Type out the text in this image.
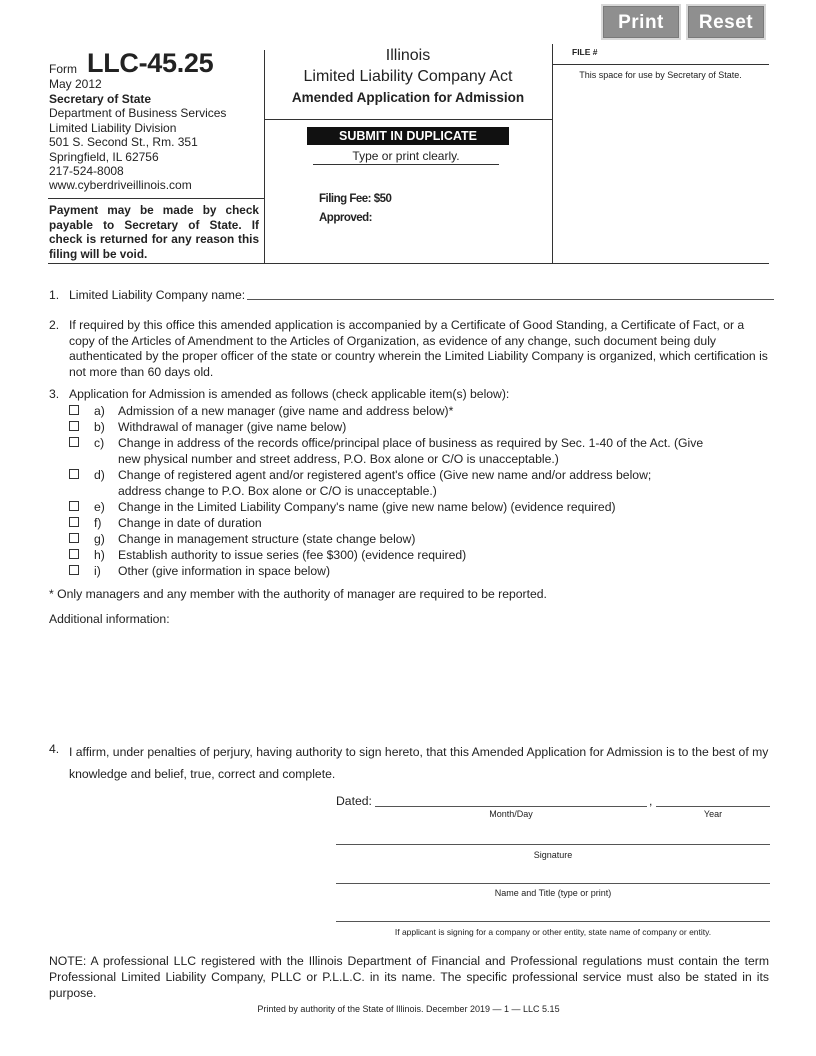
Print	Reset
Form LLC-45.25
May 2012
Secretary of State
Department of Business Services
Limited Liability Division
501 S. Second St., Rm. 351
Springfield, IL 62756
217-524-8008
www.cyberdriveillinois.com
Payment may be made by check payable to Secretary of State. If check is returned for any reason this filing will be void.
Illinois
Limited Liability Company Act
Amended Application for Admission
SUBMIT IN DUPLICATE
Type or print clearly.
Filing Fee: $50
Approved:
FILE #
This space for use by Secretary of State.
1. Limited Liability Company name:
2. If required by this office this amended application is accompanied by a Certificate of Good Standing, a Certificate of Fact, or a copy of the Articles of Amendment to the Articles of Organization, as evidence of any change, such document being duly authenticated by the proper officer of the state or country wherein the Limited Liability Company is organized, which certification is not more than 60 days old.
3. Application for Admission is amended as follows (check applicable item(s) below):
a) Admission of a new manager (give name and address below)*
b) Withdrawal of manager (give name below)
c) Change in address of the records office/principal place of business as required by Sec. 1-40 of the Act. (Give
new physical number and street address, P.O. Box alone or C/O is unacceptable.)
d) Change of registered agent and/or registered agent's office (Give new name and/or address below;
address change to P.O. Box alone or C/O is unacceptable.)
e) Change in the Limited Liability Company's name (give new name below) (evidence required)
f) Change in date of duration
g) Change in management structure (state change below)
h) Establish authority to issue series (fee $300) (evidence required)
i) Other (give information in space below)
* Only managers and any member with the authority of manager are required to be reported.
Additional information:
4. I affirm, under penalties of perjury, having authority to sign hereto, that this Amended Application for Admission is to the best of my knowledge and belief, true, correct and complete.
Dated:	,
Month/Day	Year
Signature
Name and Title (type or print)
If applicant is signing for a company or other entity, state name of company or entity.
NOTE: A professional LLC registered with the Illinois Department of Financial and Professional regulations must contain the term Professional Limited Liability Company, PLLC or P.L.L.C. in its name. The specific professional service must also be stated in its purpose.
Printed by authority of the State of Illinois. December 2019 — 1 — LLC 5.15
